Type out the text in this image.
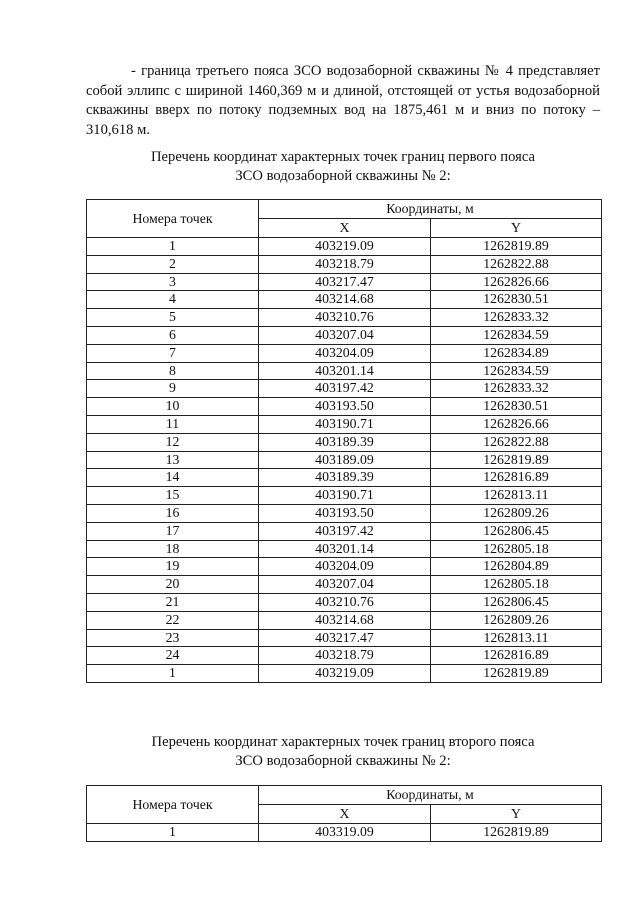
- граница третьего пояса ЗСО водозаборной скважины № 4 представляет собой эллипс с шириной 1460,369 м и длиной, отстоящей от устья водозаборной скважины вверх по потоку подземных вод на 1875,461 м и вниз по потоку – 310,618 м.
Перечень координат характерных точек границ первого пояса
ЗСО водозаборной скважины № 2:
Номера точек	Координаты, м	
	X	Y
1	403219.09	1262819.89
2	403218.79	1262822.88
3	403217.47	1262826.66
4	403214.68	1262830.51
5	403210.76	1262833.32
6	403207.04	1262834.59
7	403204.09	1262834.89
8	403201.14	1262834.59
9	403197.42	1262833.32
10	403193.50	1262830.51
11	403190.71	1262826.66
12	403189.39	1262822.88
13	403189.09	1262819.89
14	403189.39	1262816.89
15	403190.71	1262813.11
16	403193.50	1262809.26
17	403197.42	1262806.45
18	403201.14	1262805.18
19	403204.09	1262804.89
20	403207.04	1262805.18
21	403210.76	1262806.45
22	403214.68	1262809.26
23	403217.47	1262813.11
24	403218.79	1262816.89
1	403219.09	1262819.89
Перечень координат характерных точек границ второго пояса
ЗСО водозаборной скважины № 2:
Номера точек	Координаты, м	
	X	Y
1	403319.09	1262819.89
